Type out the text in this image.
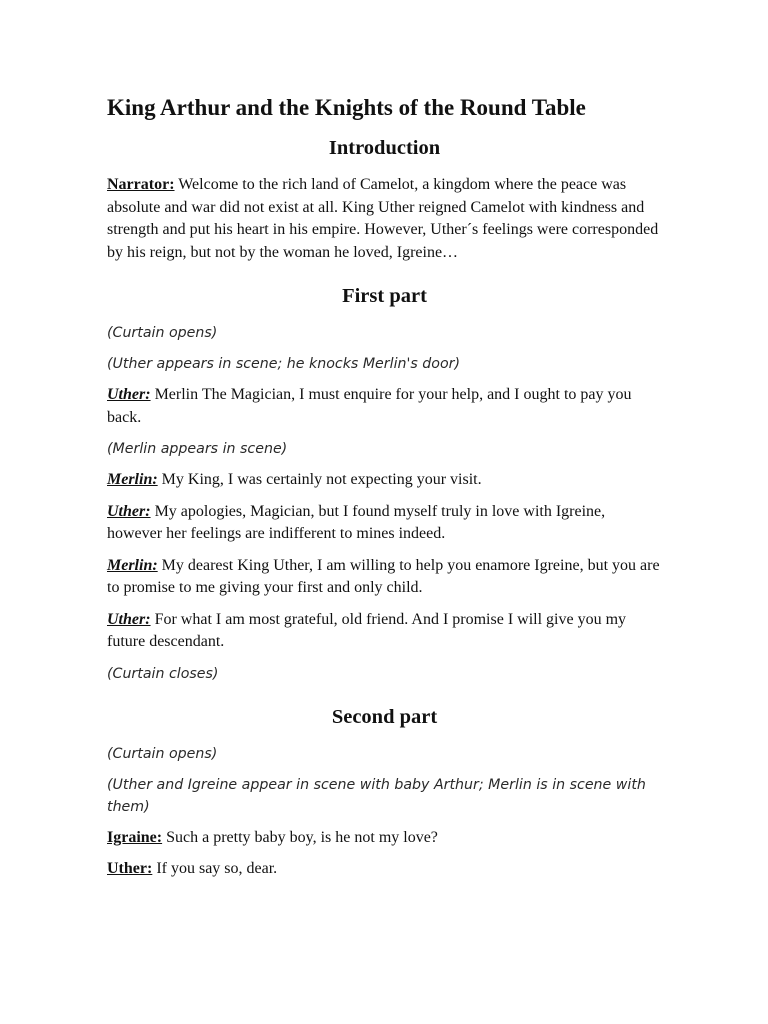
King Arthur and the Knights of the Round Table
Introduction

Narrator: Welcome to the rich land of Camelot, a kingdom where the peace was absolute and war did not exist at all. King Uther reigned Camelot with kindness and strength and put his heart in his empire. However, Uther´s feelings were corresponded by his reign, but not by the woman he loved, Igreine…

First part

(Curtain opens)

(Uther appears in scene; he knocks Merlin's door)

Uther: Merlin The Magician, I must enquire for your help, and I ought to pay you back.

(Merlin appears in scene)

Merlin: My King, I was certainly not expecting your visit.

Uther: My apologies, Magician, but I found myself truly in love with Igreine, however her feelings are indifferent to mines indeed.

Merlin: My dearest King Uther, I am willing to help you enamore Igreine, but you are to promise to me giving your first and only child.

Uther: For what I am most grateful, old friend. And I promise I will give you my future descendant.

(Curtain closes)

Second part

(Curtain opens)

(Uther and Igreine appear in scene with baby Arthur; Merlin is in scene with them)

Igraine: Such a pretty baby boy, is he not my love?

Uther: If you say so, dear.
